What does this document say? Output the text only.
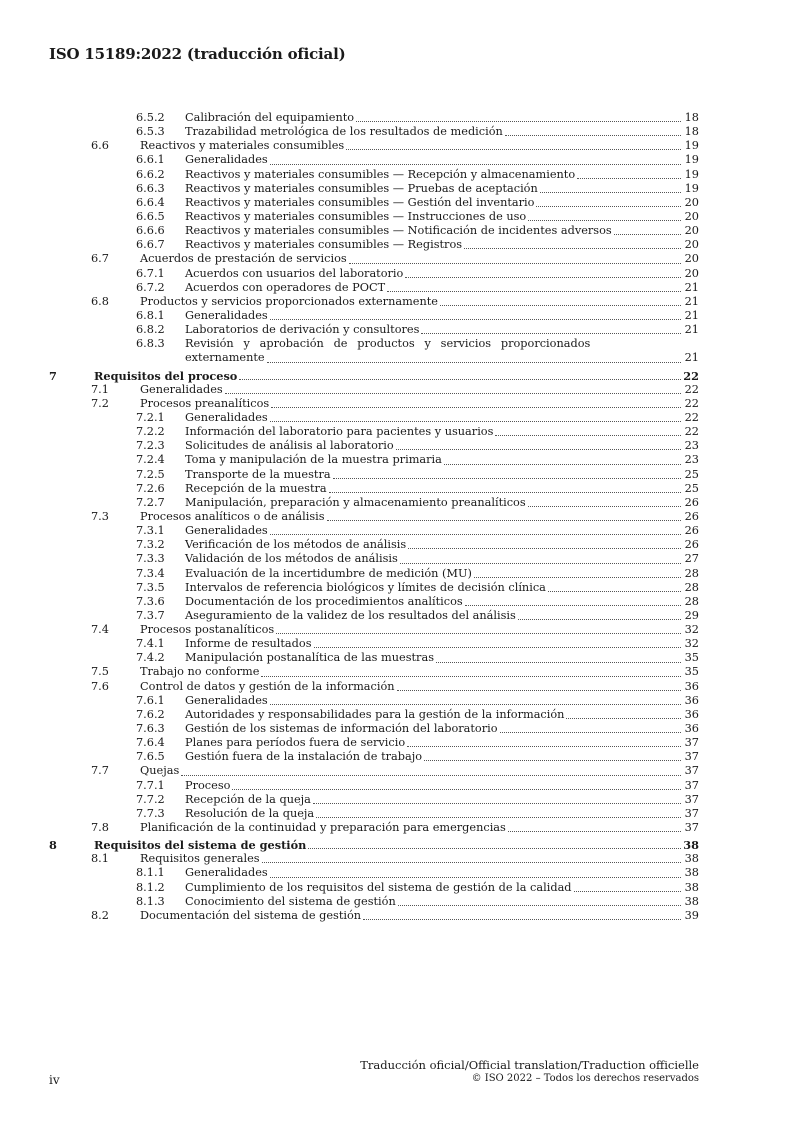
ISO 15189:2022 (traducción oficial)
6.5.2 Calibración del equipamiento	18
6.5.3 Trazabilidad metrológica de los resultados de medición	18
6.6	Reactivos y materiales consumibles	19
6.6.1 Generalidades	19
6.6.2 Reactivos y materiales consumibles — Recepción y almacenamiento	19
6.6.3 Reactivos y materiales consumibles — Pruebas de aceptación	19
6.6.4 Reactivos y materiales consumibles — Gestión del inventario	20
6.6.5 Reactivos y materiales consumibles — Instrucciones de uso	20
6.6.6 Reactivos y materiales consumibles — Notificación de incidentes adversos	20
6.6.7 Reactivos y materiales consumibles — Registros	20
6.7	Acuerdos de prestación de servicios	20
6.7.1 Acuerdos con usuarios del laboratorio	20
6.7.2 Acuerdos con operadores de POCT	21
6.8	Productos y servicios proporcionados externamente	21
6.8.1 Generalidades	21
6.8.2 Laboratorios de derivación y consultores	21
6.8.3 Revisión y aprobación de productos y servicios proporcionados
externamente	21
7	Requisitos del proceso	22
7.1	Generalidades	22
7.2	Procesos preanalíticos	22
7.2.1 Generalidades	22
7.2.2 Información del laboratorio para pacientes y usuarios	22
7.2.3 Solicitudes de análisis al laboratorio	23
7.2.4 Toma y manipulación de la muestra primaria	23
7.2.5 Transporte de la muestra	25
7.2.6 Recepción de la muestra	25
7.2.7 Manipulación, preparación y almacenamiento preanalíticos	26
7.3	Procesos analíticos o de análisis	26
7.3.1 Generalidades	26
7.3.2 Verificación de los métodos de análisis	26
7.3.3 Validación de los métodos de análisis	27
7.3.4 Evaluación de la incertidumbre de medición (MU)	28
7.3.5 Intervalos de referencia biológicos y límites de decisión clínica	28
7.3.6 Documentación de los procedimientos analíticos	28
7.3.7 Aseguramiento de la validez de los resultados del análisis	29
7.4	Procesos postanalíticos	32
7.4.1 Informe de resultados	32
7.4.2 Manipulación postanalítica de las muestras	35
7.5	Trabajo no conforme	35
7.6	Control de datos y gestión de la información	36
7.6.1 Generalidades	36
7.6.2 Autoridades y responsabilidades para la gestión de la información	36
7.6.3 Gestión de los sistemas de información del laboratorio	36
7.6.4 Planes para períodos fuera de servicio	37
7.6.5 Gestión fuera de la instalación de trabajo	37
7.7	Quejas	37
7.7.1 Proceso	37
7.7.2 Recepción de la queja	37
7.7.3 Resolución de la queja	37
7.8	Planificación de la continuidad y preparación para emergencias	37
8	Requisitos del sistema de gestión	38
8.1	Requisitos generales	38
8.1.1 Generalidades	38
8.1.2 Cumplimiento de los requisitos del sistema de gestión de la calidad	38
8.1.3 Conocimiento del sistema de gestión	38
8.2	Documentación del sistema de gestión	39
Traducción oficial/Official translation/Traduction officielle
© ISO 2022 – Todos los derechos reservados
iv
